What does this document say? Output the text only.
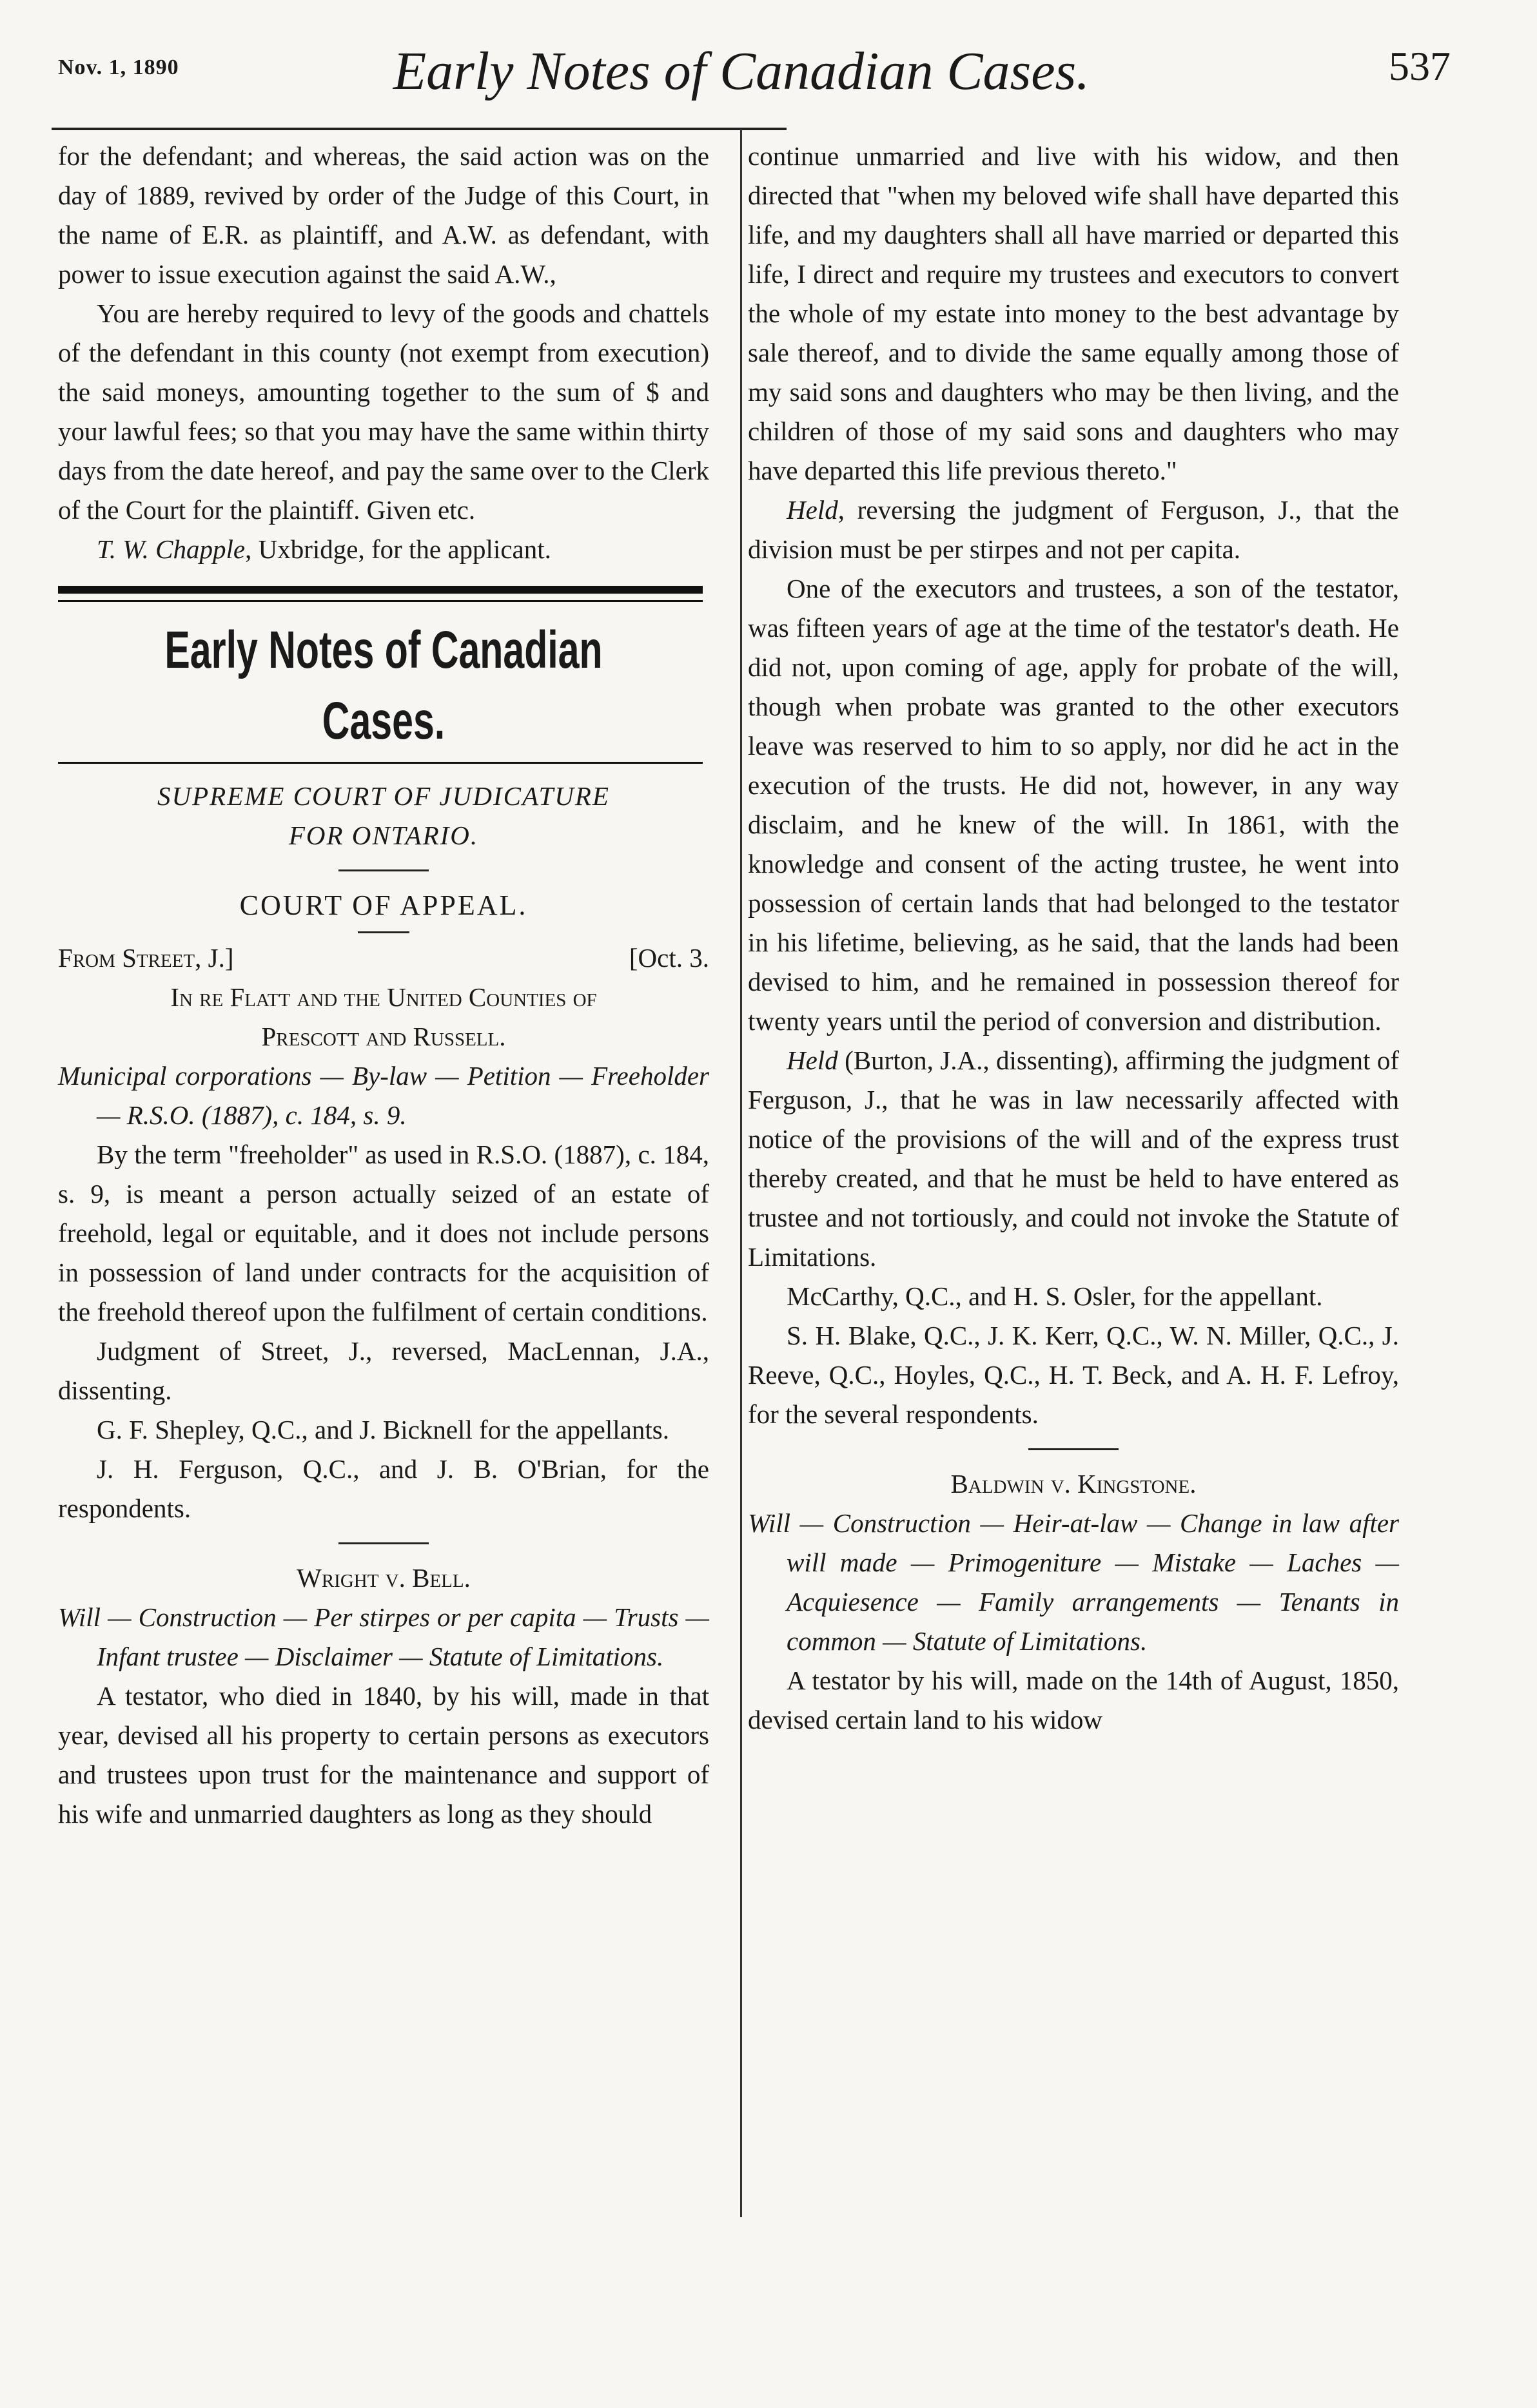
Nov. 1, 1890	Early Notes of Canadian Cases.	537

for the defendant; and whereas, the said action was on the day of 1889, revived by order of the Judge of this Court, in the name of E.R. as plaintiff, and A.W. as defendant, with power to issue execution against the said A.W.,

You are hereby required to levy of the goods and chattels of the defendant in this county (not exempt from execution) the said moneys, amounting together to the sum of $ and your lawful fees; so that you may have the same within thirty days from the date hereof, and pay the same over to the Clerk of the Court for the plaintiff. Given etc.

T. W. Chapple, Uxbridge, for the applicant.

Early Notes of Canadian Cases.

SUPREME COURT OF JUDICATURE

FOR ONTARIO.

COURT OF APPEAL.

From Street, J.]	[Oct. 3.

In re Flatt and the United Counties of

Prescott and Russell.

Municipal corporations — By-law — Petition — Freeholder — R.S.O. (1887), c. 184, s. 9.

By the term "freeholder" as used in R.S.O. (1887), c. 184, s. 9, is meant a person actually seized of an estate of freehold, legal or equitable, and it does not include persons in possession of land under contracts for the acquisition of the freehold thereof upon the fulfilment of certain conditions.

Judgment of Street, J., reversed, MacLennan, J.A., dissenting.

G. F. Shepley, Q.C., and J. Bicknell for the appellants.

J. H. Ferguson, Q.C., and J. B. O'Brian, for the respondents.

Wright v. Bell.

Will — Construction — Per stirpes or per capita — Trusts — Infant trustee — Disclaimer — Statute of Limitations.

A testator, who died in 1840, by his will, made in that year, devised all his property to certain persons as executors and trustees upon trust for the maintenance and support of his wife and unmarried daughters as long as they should

continue unmarried and live with his widow, and then directed that "when my beloved wife shall have departed this life, and my daughters shall all have married or departed this life, I direct and require my trustees and executors to convert the whole of my estate into money to the best advantage by sale thereof, and to divide the same equally among those of my said sons and daughters who may be then living, and the children of those of my said sons and daughters who may have departed this life previous thereto."

Held, reversing the judgment of Ferguson, J., that the division must be per stirpes and not per capita.

One of the executors and trustees, a son of the testator, was fifteen years of age at the time of the testator's death. He did not, upon coming of age, apply for probate of the will, though when probate was granted to the other executors leave was reserved to him to so apply, nor did he act in the execution of the trusts. He did not, however, in any way disclaim, and he knew of the will. In 1861, with the knowledge and consent of the acting trustee, he went into possession of certain lands that had belonged to the testator in his lifetime, believing, as he said, that the lands had been devised to him, and he remained in possession thereof for twenty years until the period of conversion and distribution.

Held (Burton, J.A., dissenting), affirming the judgment of Ferguson, J., that he was in law necessarily affected with notice of the provisions of the will and of the express trust thereby created, and that he must be held to have entered as trustee and not tortiously, and could not invoke the Statute of Limitations.

McCarthy, Q.C., and H. S. Osler, for the appellant.

S. H. Blake, Q.C., J. K. Kerr, Q.C., W. N. Miller, Q.C., J. Reeve, Q.C., Hoyles, Q.C., H. T. Beck, and A. H. F. Lefroy, for the several respondents.

Baldwin v. Kingstone.

Will — Construction — Heir-at-law — Change in law after will made — Primogeniture — Mistake — Laches — Acquiesence — Family arrangements — Tenants in common — Statute of Limitations.

A testator by his will, made on the 14th of August, 1850, devised certain land to his widow
